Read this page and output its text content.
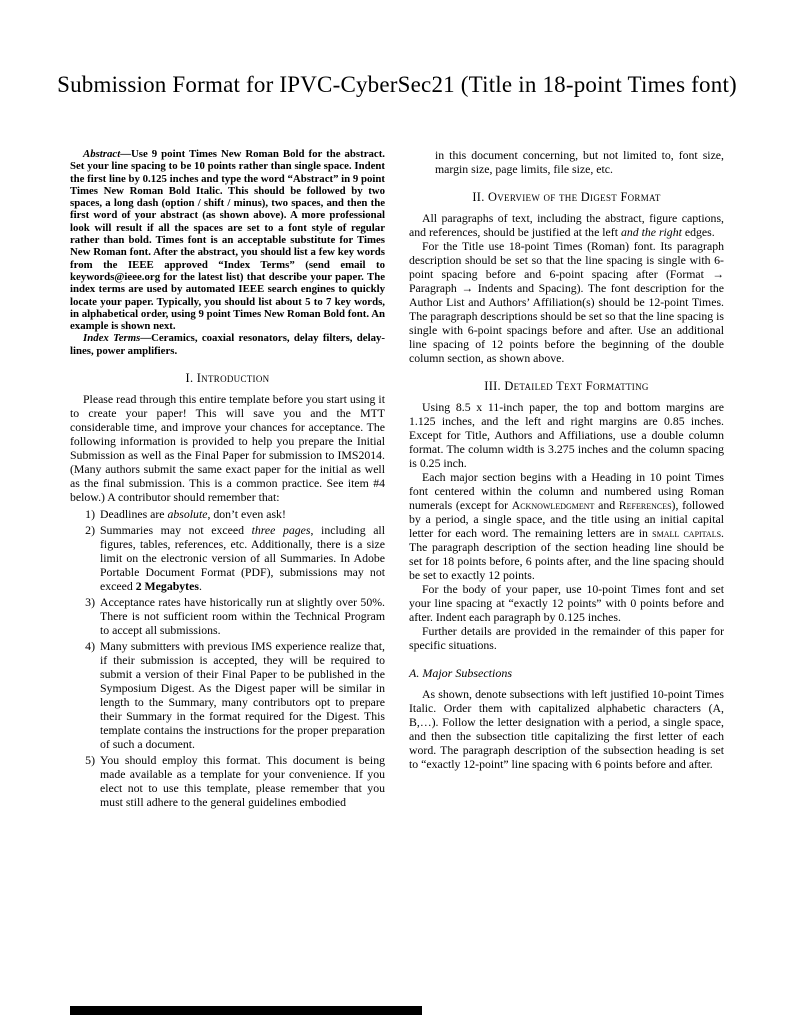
Submission Format for IPVC-CyberSec21 (Title in 18-point Times font)

Abstract—Use 9 point Times New Roman Bold for the abstract. Set your line spacing to be 10 points rather than single space. Indent the first line by 0.125 inches and type the word “Abstract” in 9 point Times New Roman Bold Italic. This should be followed by two spaces, a long dash (option / shift / minus), two spaces, and then the first word of your abstract (as shown above). A more professional look will result if all the spaces are set to a font style of regular rather than bold. Times font is an acceptable substitute for Times New Roman font. After the abstract, you should list a few key words from the IEEE approved “Index Terms” (send email to keywords@ieee.org for the latest list) that describe your paper. The index terms are used by automated IEEE search engines to quickly locate your paper. Typically, you should list about 5 to 7 key words, in alphabetical order, using 9 point Times New Roman Bold font. An example is shown next.

Index Terms—Ceramics, coaxial resonators, delay filters, delay-lines, power amplifiers.

I. Introduction

Please read through this entire template before you start using it to create your paper! This will save you and the MTT considerable time, and improve your chances for acceptance. The following information is provided to help you prepare the Initial Submission as well as the Final Paper for submission to IMS2014. (Many authors submit the same exact paper for the initial as well as the final submission. This is a common practice. See item #4 below.) A contributor should remember that:

1) Deadlines are absolute, don’t even ask!
2) Summaries may not exceed three pages, including all figures, tables, references, etc. Additionally, there is a size limit on the electronic version of all Summaries. In Adobe Portable Document Format (PDF), submissions may not exceed 2 Megabytes.
3) Acceptance rates have historically run at slightly over 50%. There is not sufficient room within the Technical Program to accept all submissions.
4) Many submitters with previous IMS experience realize that, if their submission is accepted, they will be required to submit a version of their Final Paper to be published in the Symposium Digest. As the Digest paper will be similar in length to the Summary, many contributors opt to prepare their Summary in the format required for the Digest. This template contains the instructions for the proper preparation of such a document.
5) You should employ this format. This document is being made available as a template for your convenience. If you elect not to use this template, please remember that you must still adhere to the general guidelines embodied

in this document concerning, but not limited to, font size, margin size, page limits, file size, etc.

II. Overview of the Digest Format

All paragraphs of text, including the abstract, figure captions, and references, should be justified at the left and the right edges.

For the Title use 18-point Times (Roman) font. Its paragraph description should be set so that the line spacing is single with 6-point spacing before and 6-point spacing after (Format → Paragraph → Indents and Spacing). The font description for the Author List and Authors’ Affiliation(s) should be 12-point Times. The paragraph descriptions should be set so that the line spacing is single with 6-point spacings before and after. Use an additional line spacing of 12 points before the beginning of the double column section, as shown above.

III. Detailed Text Formatting

Using 8.5 x 11-inch paper, the top and bottom margins are 1.125 inches, and the left and right margins are 0.85 inches. Except for Title, Authors and Affiliations, use a double column format. The column width is 3.275 inches and the column spacing is 0.25 inch.

Each major section begins with a Heading in 10 point Times font centered within the column and numbered using Roman numerals (except for Acknowledgment and References), followed by a period, a single space, and the title using an initial capital letter for each word. The remaining letters are in small capitals. The paragraph description of the section heading line should be set for 18 points before, 6 points after, and the line spacing should be set to exactly 12 points.

For the body of your paper, use 10-point Times font and set your line spacing at “exactly 12 points” with 0 points before and after. Indent each paragraph by 0.125 inches.

Further details are provided in the remainder of this paper for specific situations.

A. Major Subsections

As shown, denote subsections with left justified 10-point Times Italic. Order them with capitalized alphabetic characters (A, B,…). Follow the letter designation with a period, a single space, and then the subsection title capitalizing the first letter of each word. The paragraph description of the subsection heading is set to “exactly 12-point” line spacing with 6 points before and after.
